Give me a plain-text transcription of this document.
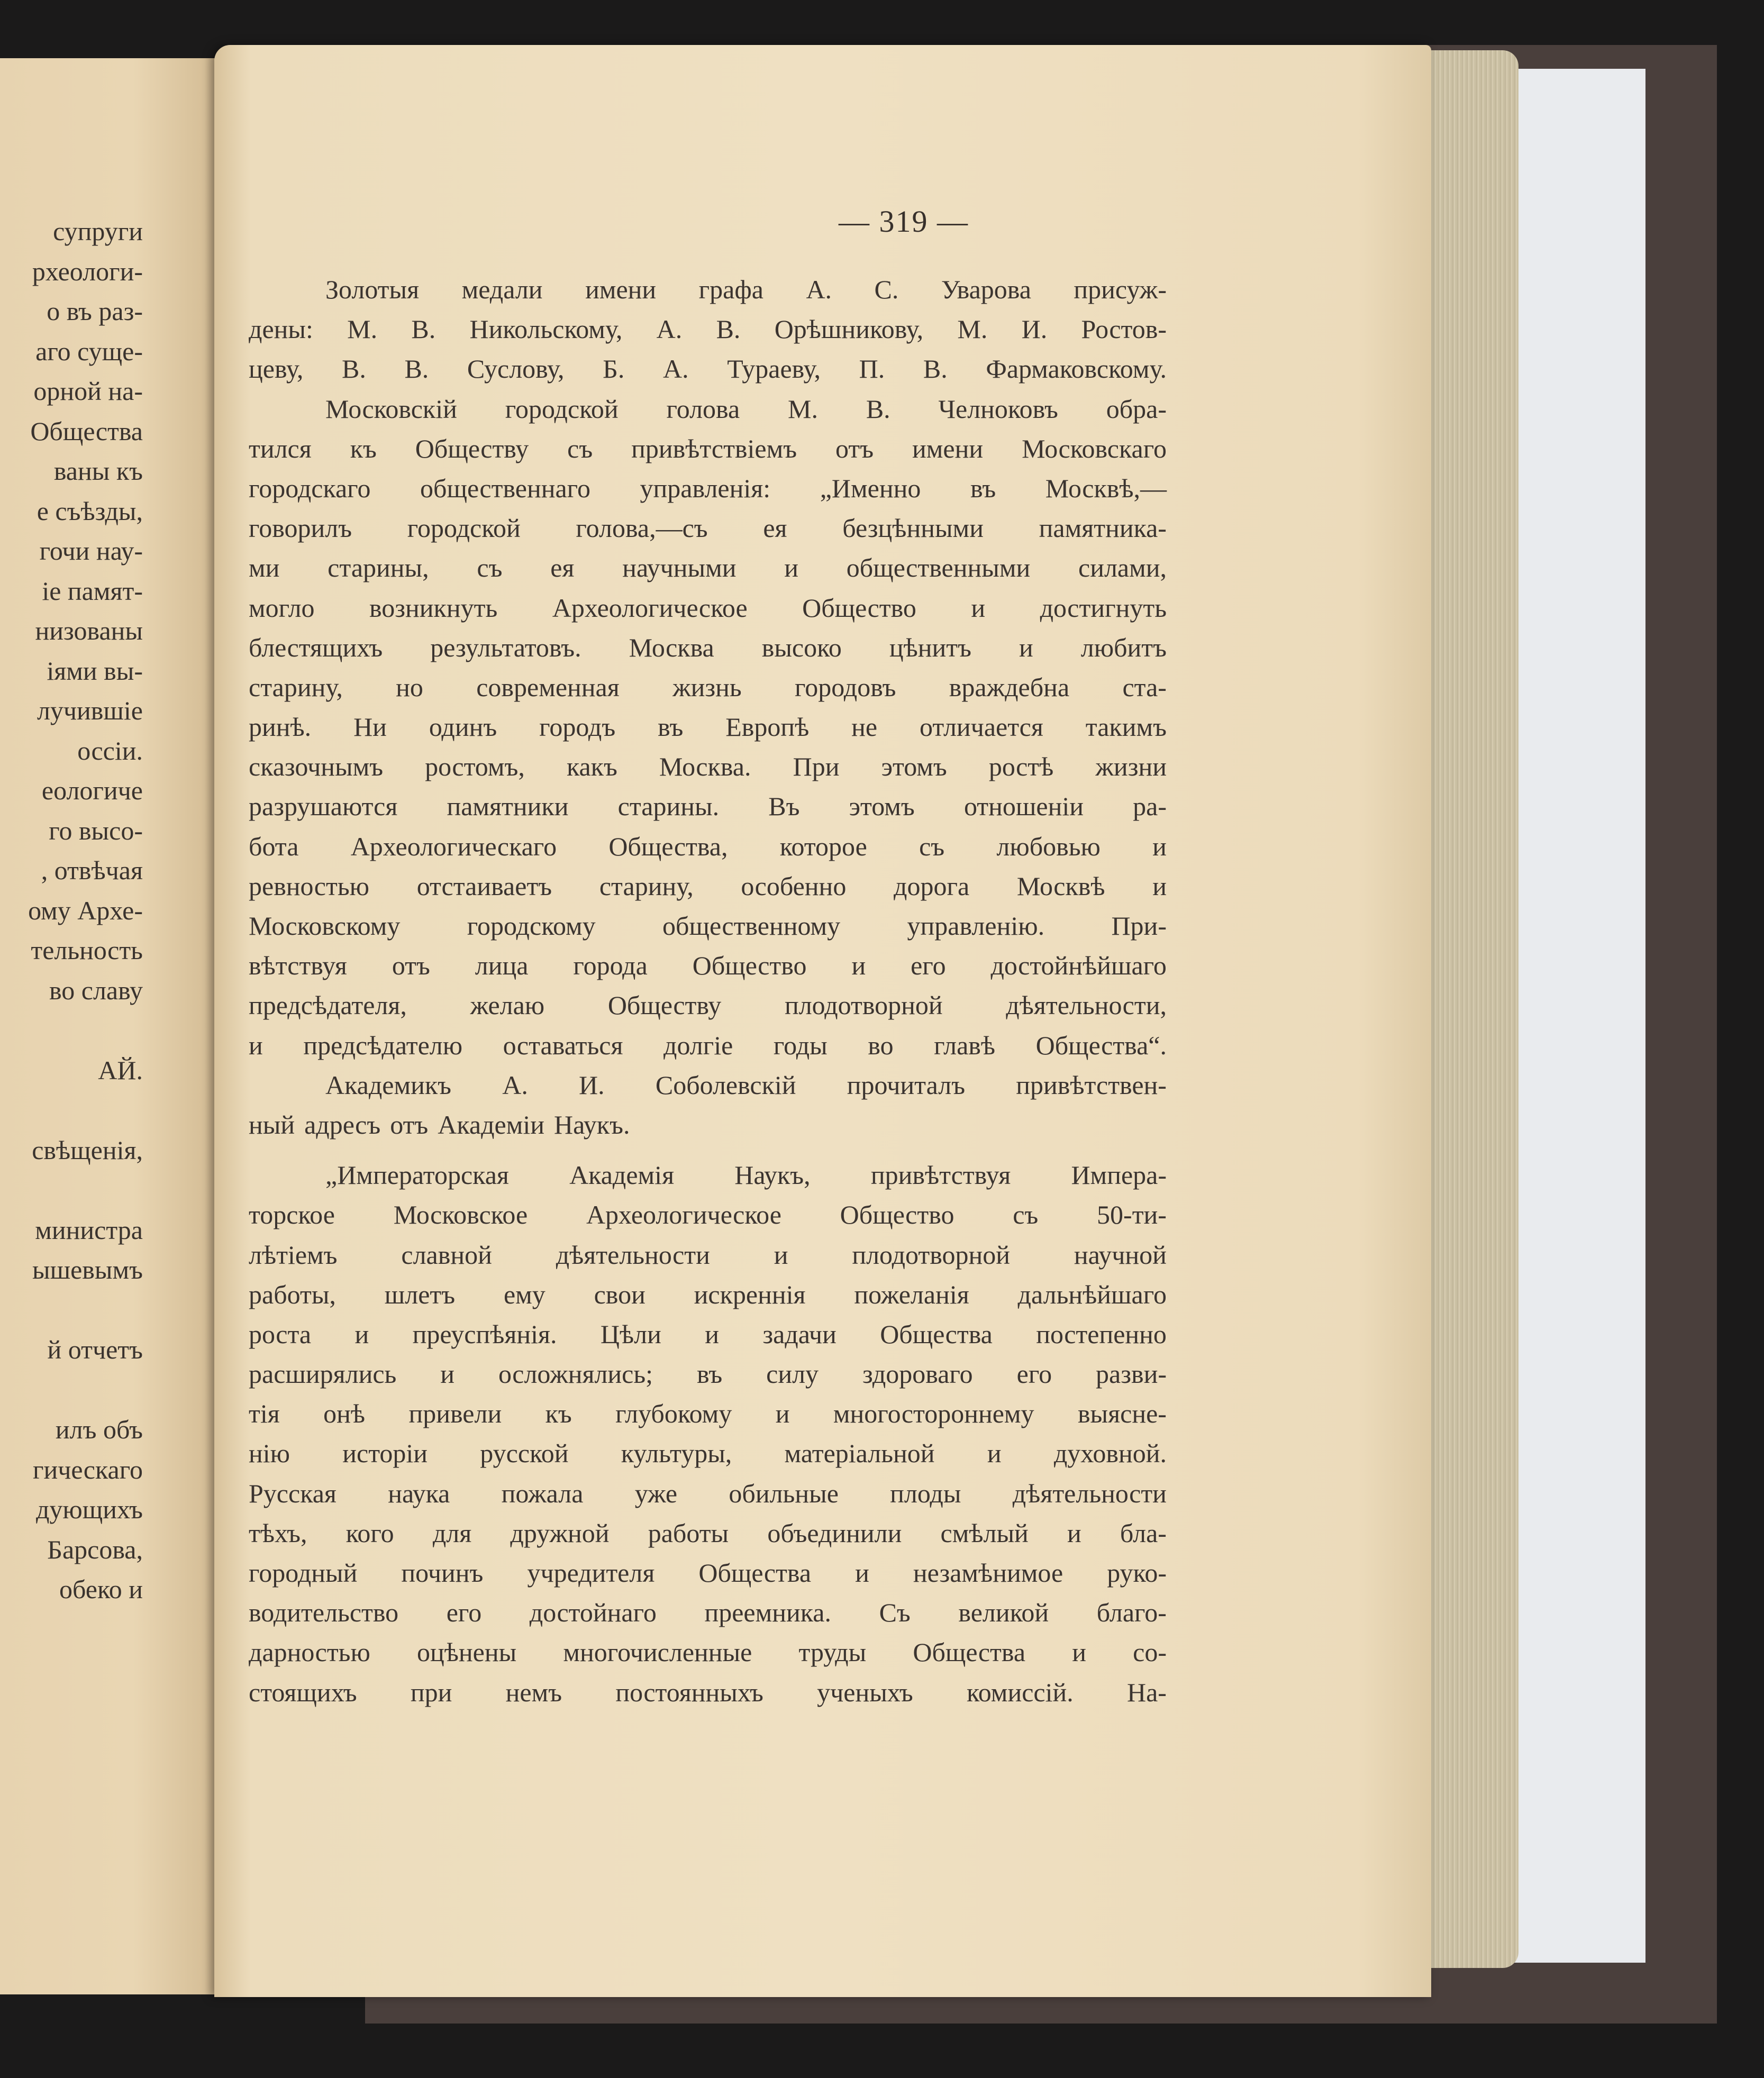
супруги
рхеологи-
о въ раз-
аго суще-
орной на-
Общества
ваны къ
е съѣзды,
гочи нау-
іе памят-
низованы
іями вы-
лучившіе
оссіи.
еологиче
го высо-
, отвѣчая
ому Архе-
тельность
во славу
АЙ.
свѣщенія,
министра
ышевымъ
й отчетъ
илъ объ
гическаго
дующихъ
Барсова,
обеко и
— 319 —
Золотыя медали имени графа А. С. Уварова присуж-
дены: М. В. Никольскому, А. В. Орѣшникову, М. И. Ростов-
цеву, В. В. Суслову, Б. А. Тураеву, П. В. Фармаковскому.
Московскій городской голова М. В. Челноковъ обра-
тился къ Обществу съ привѣтствіемъ отъ имени Московскаго
городскаго общественнаго управленія: „Именно въ Москвѣ,—
говорилъ городской голова,—съ ея безцѣнными памятника-
ми старины, съ ея научными и общественными силами,
могло возникнуть Археологическое Общество и достигнуть
блестящихъ результатовъ. Москва высоко цѣнитъ и любитъ
старину, но современная жизнь городовъ враждебна ста-
ринѣ. Ни одинъ городъ въ Европѣ не отличается такимъ
сказочнымъ ростомъ, какъ Москва. При этомъ ростѣ жизни
разрушаются памятники старины. Въ этомъ отношеніи ра-
бота Археологическаго Общества, которое съ любовью и
ревностью отстаиваетъ старину, особенно дорога Москвѣ и
Московскому	городскому	общественному	управленію.	При-
вѣтствуя отъ лица города Общество и его достойнѣйшаго
предсѣдателя, желаю Обществу плодотворной дѣятельности,
и предсѣдателю оставаться долгіе годы во главѣ Общества“.
Академикъ А. И. Соболевскій прочиталъ привѣтствен-
ный адресъ отъ Академіи Наукъ.
„Императорская Академія Наукъ, привѣтствуя Импера-
торское Московское Археологическое Общество съ 50-ти-
лѣтіемъ славной дѣятельности и плодотворной научной
работы, шлетъ ему свои искреннія пожеланія дальнѣйшаго
роста и преуспѣянія. Цѣли и задачи Общества постепенно
расширялись и осложнялись; въ силу здороваго его разви-
тія онѣ привели къ глубокому и многостороннему выясне-
нію исторіи русской культуры, матеріальной и духовной.
Русская наука пожала уже обильные плоды дѣятельности
тѣхъ, кого для дружной работы объединили смѣлый и бла-
городный починъ учредителя Общества и незамѣнимое руко-
водительство его достойнаго преемника. Съ великой благо-
дарностью оцѣнены многочисленные труды Общества и со-
стоящихъ при немъ постоянныхъ ученыхъ комиссій. На-
